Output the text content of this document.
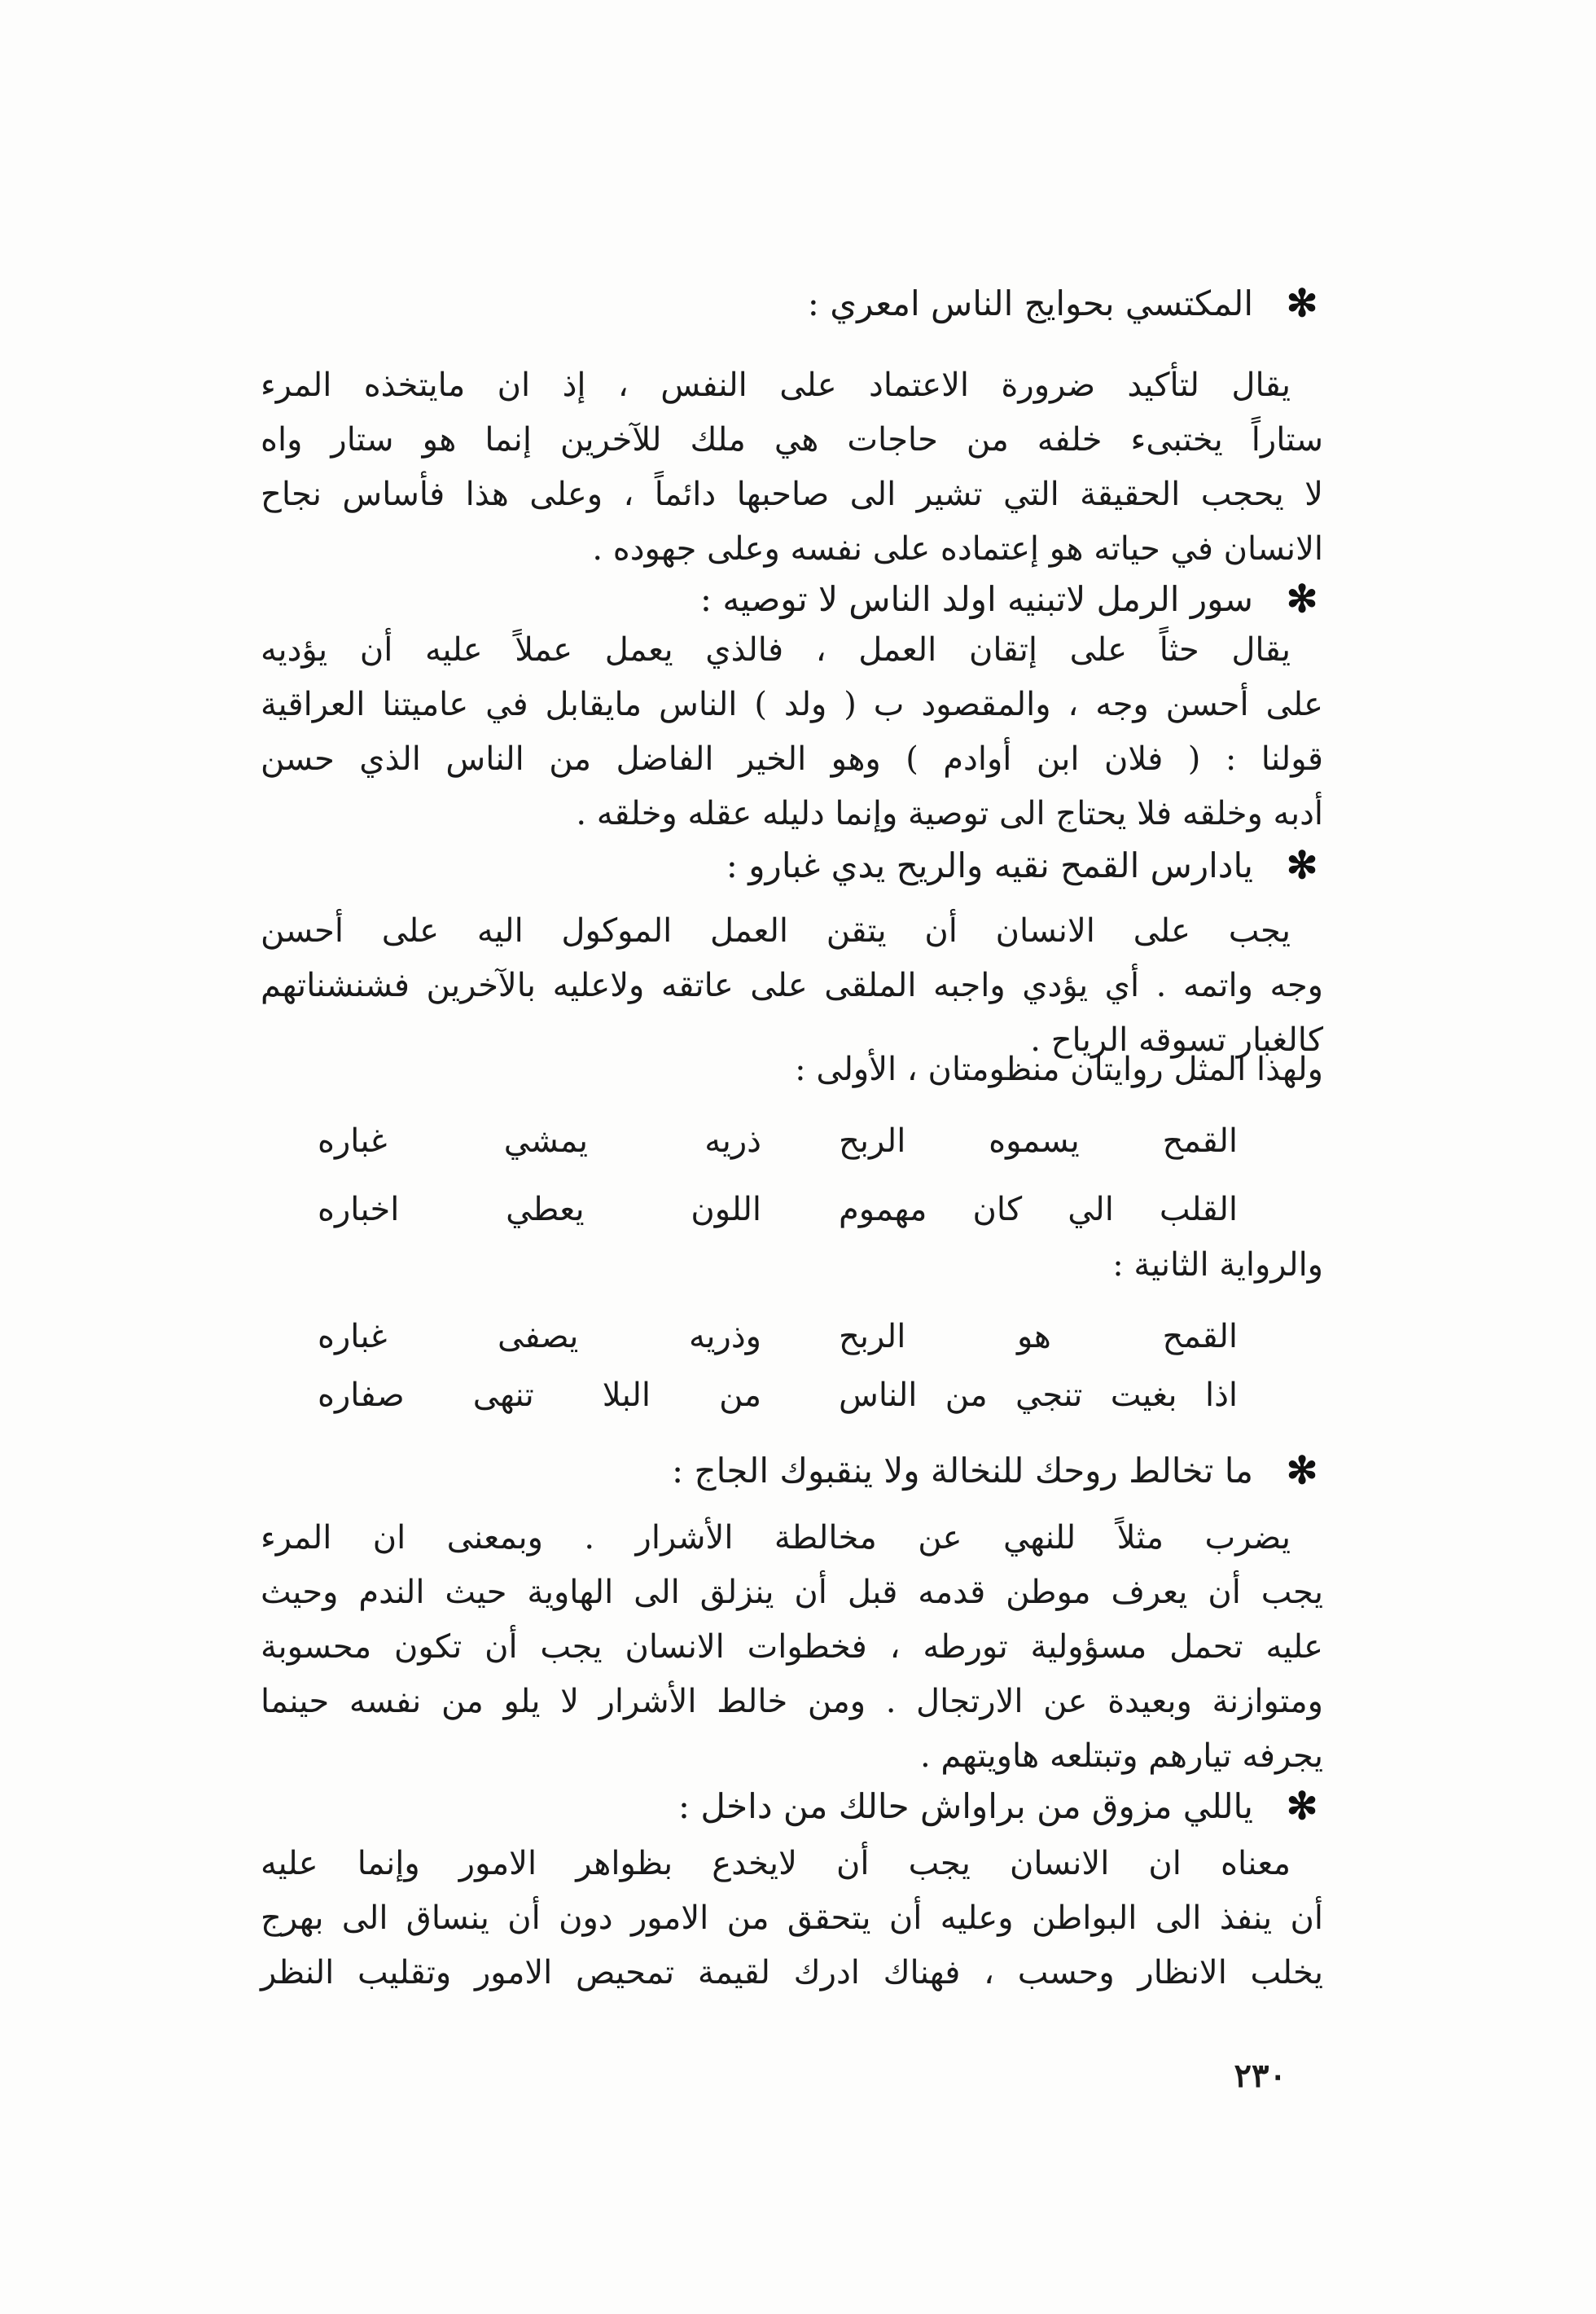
✻
المكتسي بحوايج الناس امعري :
يقال لتأكيد ضرورة الاعتماد على النفس ، إذ ان مايتخذه المرء
ستاراً يختبىء خلفه من حاجات هي ملك للآخرين إنما هو ستار واه
لا يحجب الحقيقة التي تشير الى صاحبها دائماً ، وعلى هذا فأساس نجاح
الانسان في حياته هو إعتماده على نفسه وعلى جهوده .
✻
سور الرمل لاتبنيه اولد الناس لا توصيه :
يقال حثاً على إتقان العمل ، فالذي يعمل عملاً عليه أن يؤديه
على أحسن وجه ، والمقصود ب ( ولد ) الناس مايقابل في عاميتنا العراقية
قولنا : ( فلان ابن أوادم ) وهو الخير الفاضل من الناس الذي حسن
أدبه وخلقه فلا يحتاج الى توصية وإنما دليله عقله وخلقه .
✻
يادارس القمح نقيه والريح يدي غبارو :
يجب على الانسان أن يتقن العمل الموكول اليه على أحسن
وجه واتمه . أي يؤدي واجبه الملقى على عاتقه ولاعليه بالآخرين فشنشناتهم
كالغبار تسوقه الرياح .
ولهذا المثل روايتان منظومتان ، الأولى :
القمح يسموه الربح
ذريه يمشي غباره
القلب الي كان مهموم
اللون يعطي اخباره
والرواية الثانية :
القمح هو الربح
وذريه يصفى غباره
اذا بغيت تنجي من الناس
من البلا تنهى صفاره
✻
ما تخالط روحك للنخالة ولا ينقبوك الجاج :
يضرب مثلاً للنهي عن مخالطة الأشرار . وبمعنى ان المرء
يجب أن يعرف موطن قدمه قبل أن ينزلق الى الهاوية حيث الندم وحيث
عليه تحمل مسؤولية تورطه ، فخطوات الانسان يجب أن تكون محسوبة
ومتوازنة وبعيدة عن الارتجال . ومن خالط الأشرار لا يلو من نفسه حينما
يجرفه تيارهم وتبتلعه هاويتهم .
✻
ياللي مزوق من براواش حالك من داخل :
معناه ان الانسان يجب أن لايخدع بظواهر الامور وإنما عليه
أن ينفذ الى البواطن وعليه أن يتحقق من الامور دون أن ينساق الى بهرج
يخلب الانظار وحسب ، فهناك ادرك لقيمة تمحيص الامور وتقليب النظر
٢٣٠
